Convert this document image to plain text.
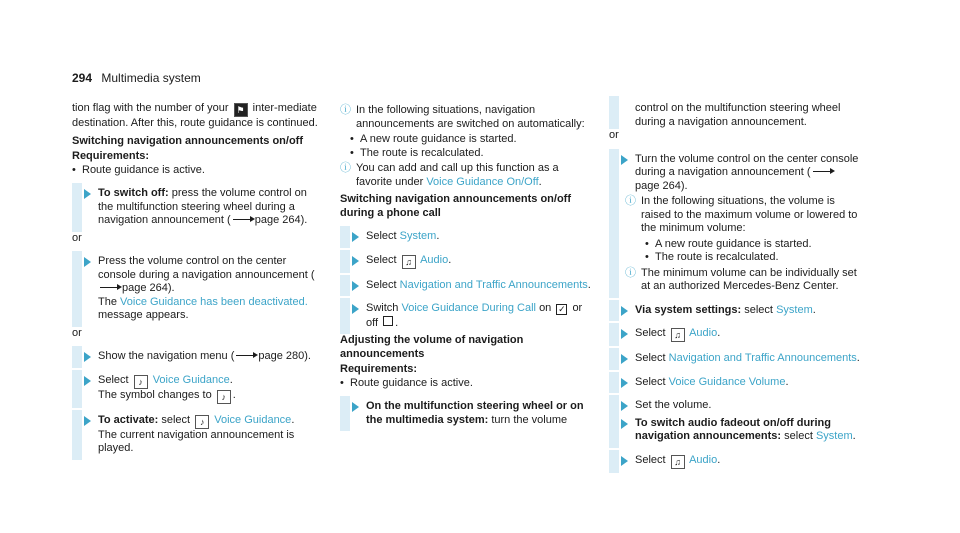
294 Multimedia system

tion flag with the number of your ⚑ inter-mediate destination. After this, route guidance is continued.

Switching navigation announcements on/off
Requirements:
• Route guidance is active.
To switch off: press the volume control on the multifunction steering wheel during a navigation announcement ( page 264).
or
Press the volume control on the center console during a navigation announcement (page 264).
The Voice Guidance has been deactivated. message appears.
or
Show the navigation menu ( page 280).
Select ♪ Voice Guidance.
The symbol changes to ♪ .
To activate: select ♪ Voice Guidance.
The current navigation announcement is played.
ⓘ In the following situations, navigation announcements are switched on automatically:
• A new route guidance is started.
• The route is recalculated.
ⓘ You can add and call up this function as a favorite under Voice Guidance On/Off.
Switching navigation announcements on/off during a phone call
Select System.
Select ♫ Audio.
Select Navigation and Traffic Announcements.
Switch Voice Guidance During Call on ✓ or
off .
Adjusting the volume of navigation announcements
Requirements:
• Route guidance is active.
On the multifunction steering wheel or on the multimedia system: turn the volume
control on the multifunction steering wheel during a navigation announcement.
or
Turn the volume control on the center console during a navigation announcement (page 264).
ⓘ In the following situations, the volume is raised to the maximum volume or lowered to the minimum volume:
• A new route guidance is started.
• The route is recalculated.
ⓘ The minimum volume can be individually set at an authorized Mercedes-Benz Center.
Via system settings: select System.
Select ♫ Audio.
Select Navigation and Traffic Announcements.
Select Voice Guidance Volume.
Set the volume.
To switch audio fadeout on/off during navigation announcements: select System.
Select ♫ Audio.
